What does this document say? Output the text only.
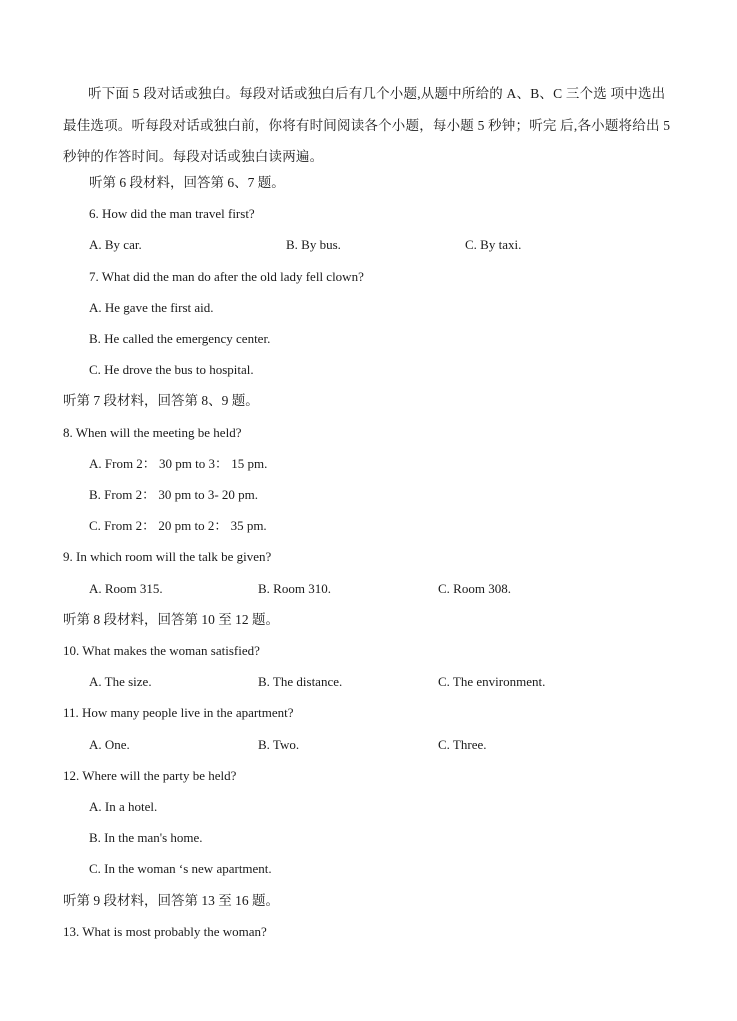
听下面 5 段对话或独白。每段对话或独白后有几个小题,从题中所给的 A、B、C 三个选 项中选出最佳选项。听每段对话或独白前，你将有时间阅读各个小题，每小题 5 秒钟；听完 后,各小题将给出 5 秒钟的作答时间。每段对话或独白读两遍。
听第 6 段材料，回答第 6、7 题。
6. How did the man travel first?
A. By car.	B. By bus.	C. By taxi.
7. What did the man do after the old lady fell clown?
A. He gave the first aid.
B. He called the emergency center.
C. He drove the bus to hospital.
听第 7 段材料，回答第 8、9 题。
8. When will the meeting be held?
A. From 2： 30 pm to 3： 15 pm.
B. From 2： 30 pm to 3- 20 pm.
C. From 2： 20 pm to 2： 35 pm.
9. In which room will the talk be given?
A. Room 315.	B. Room 310.	C. Room 308.
听第 8 段材料，回答第 10 至 12 题。
10. What makes the woman satisfied?
A. The size.	B. The distance.	C. The environment.
11. How many people live in the apartment?
A. One.	B. Two.	C. Three.
12. Where will the party be held?
A. In a hotel.
B. In the man's home.
C. In the woman ‘s new apartment.
听第 9 段材料，回答第 13 至 16 题。
13. What is most probably the woman?
